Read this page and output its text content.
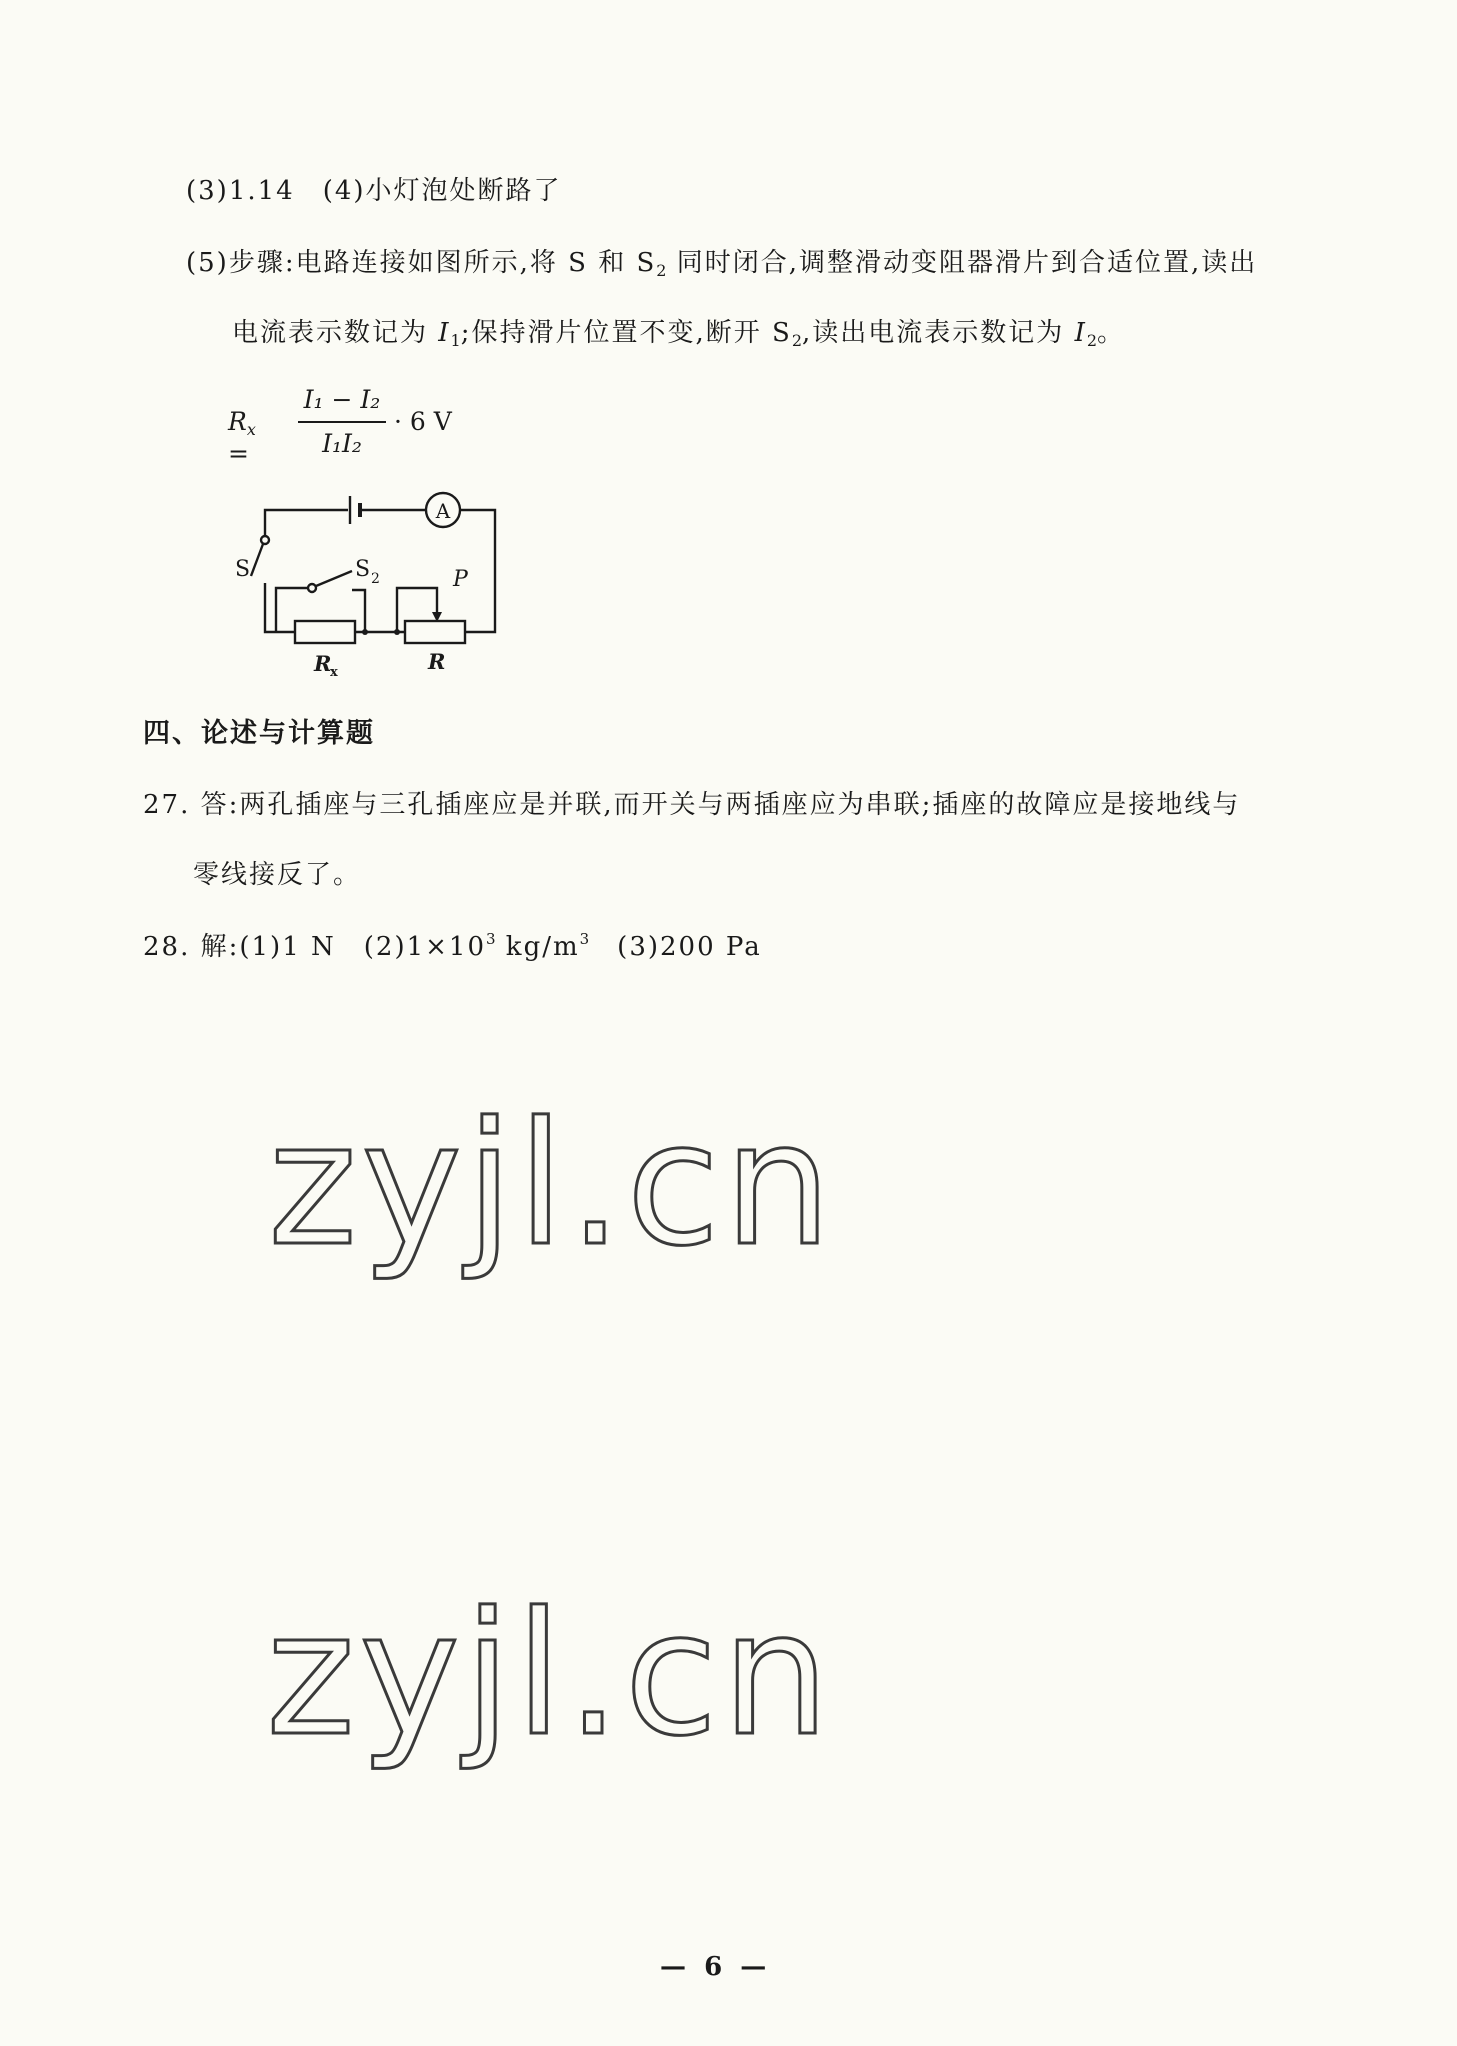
(3)1.14　(4)小灯泡处断路了
(5)步骤:电路连接如图所示,将 S 和 $S_2$ 同时闭合,调整滑动变阻器滑片到合适位置,读出
电流表示数记为 $I_1$;保持滑片位置不变,断开 $S_2$,读出电流表示数记为 $I_2$。
$R_x$ =
I₁ − I₂
I₁I₂
· 6 V
A
S	S 2	P
R
x	R
四、论述与计算题
27. 答:两孔插座与三孔插座应是并联,而开关与两插座应为串联;插座的故障应是接地线与
零线接反了。
28. 解:(1)1 N　$(2)1\times 10^3$ $kg/m^3$　(3)200 Pa
zyjl.cn
zyjl.cn
—  6  —
